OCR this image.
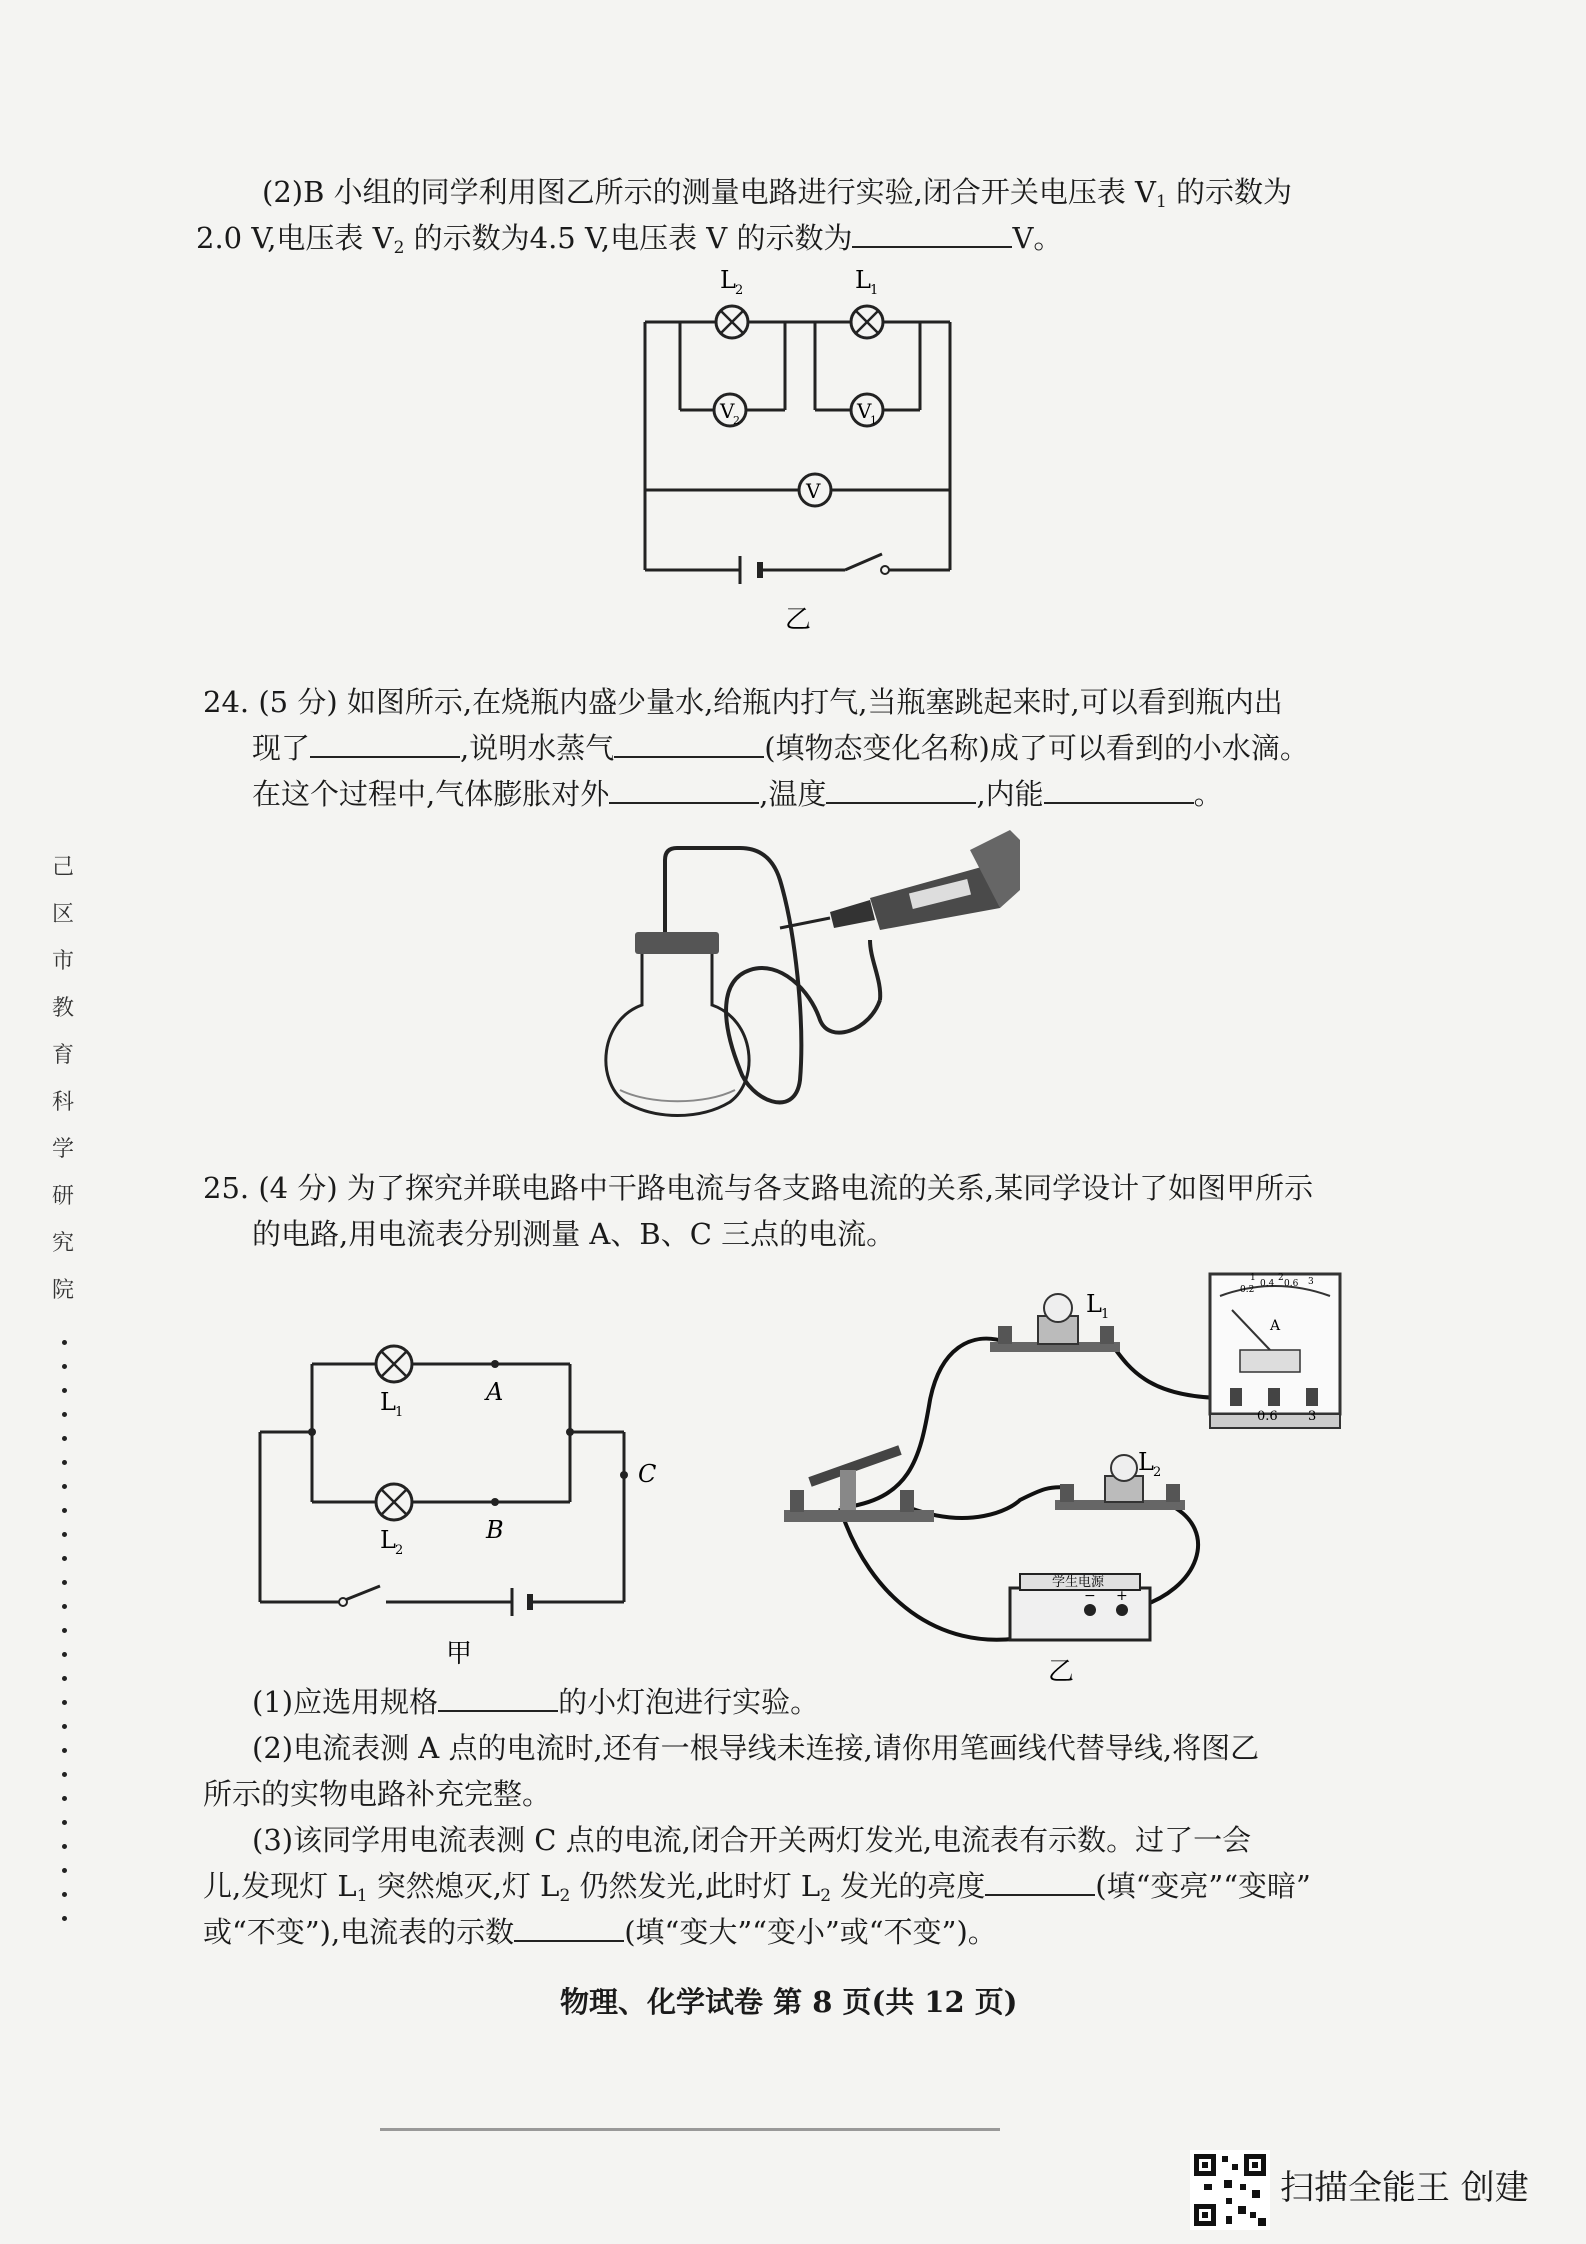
(2)B 小组的同学利用图乙所示的测量电路进行实验,闭合开关电压表 $V_1$ 的示数为
2.0 V,电压表 $V_2$ 的示数为4.5 V,电压表 V 的示数为	V。
V
2	V
1
V
L 2	L 1
乙
24. (5 分) 如图所示,在烧瓶内盛少量水,给瓶内打气,当瓶塞跳起来时,可以看到瓶内出
现了	,说明水蒸气	(填物态变化名称)成了可以看到的小水滴。
在这个过程中,气体膨胀对外	,温度	,内能	。
25. (4 分) 为了探究并联电路中干路电流与各支路电流的关系,某同学设计了如图甲所示
的电路,用电流表分别测量 A、B、C 三点的电流。
L 1
L 2
A
B
C
甲
L 1
L 2
0.2
0.4 0.6
1 2	3
A
0.6 3
学生电源
− +
乙
(1)应选用规格	的小灯泡进行实验。
(2)电流表测 A 点的电流时,还有一根导线未连接,请你用笔画线代替导线,将图乙
所示的实物电路补充完整。
(3)该同学用电流表测 C 点的电流,闭合开关两灯发光,电流表有示数。过了一会
儿,发现灯 $L_1$ 突然熄灭,灯 $L_2$ 仍然发光,此时灯 $L_2$ 发光的亮度	(填“变亮”“变暗”
或“不变”),电流表的示数	(填“变大”“变小”或“不变”)。
物理、化学试卷 第 8 页(共 12 页)
己
区
市
教
育
科
学
研
究
院
扫描全能王 创建
